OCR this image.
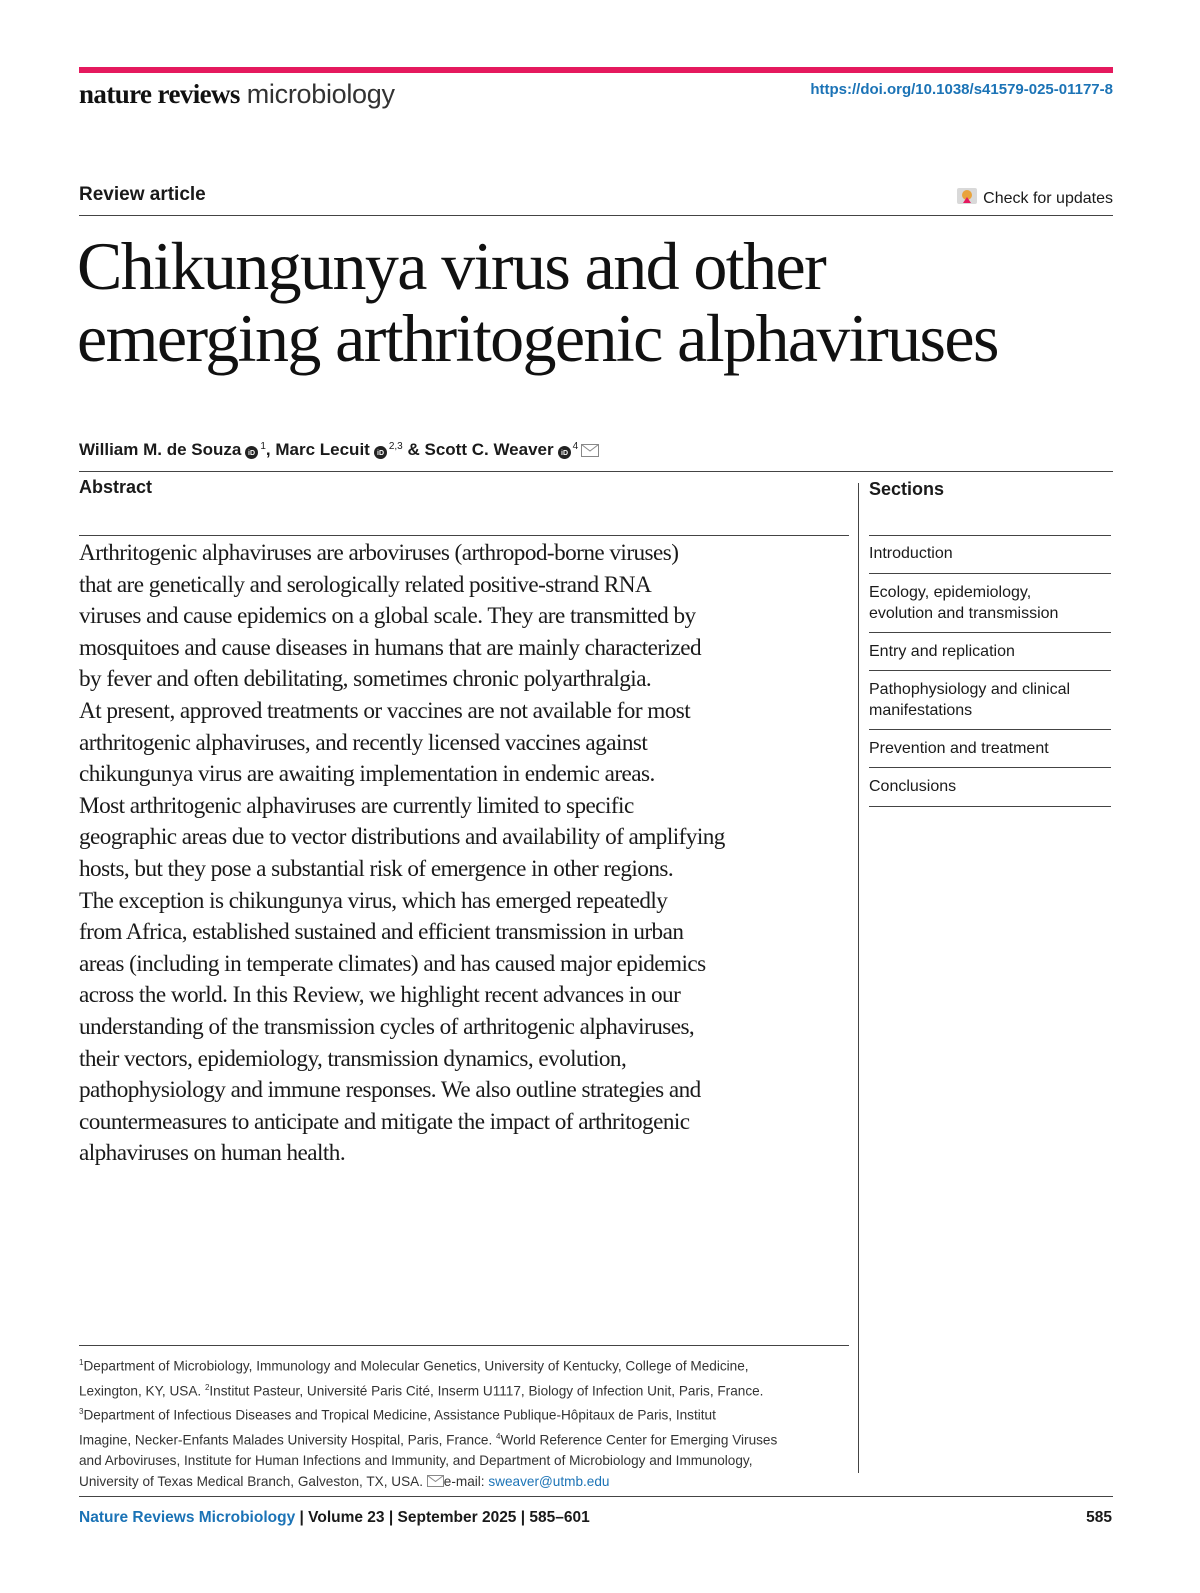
nature reviews microbiology	https://doi.org/10.1038/s41579-025-01177-8
Review article	Check for updates
Chikungunya virus and other
emerging arthritogenic alphaviruses
William M. de Souza iD
$^1$ ,
Marc Lecuit iD
$^{2,3}$
&
Scott C. Weaver iD
$^4$
Abstract
Arthritogenic alphaviruses are arboviruses (arthropod-borne viruses)
that are genetically and serologically related positive-strand RNA
viruses and cause epidemics on a global scale. They are transmitted by
mosquitoes and cause diseases in humans that are mainly characterized
by fever and often debilitating, sometimes chronic polyarthralgia.
At present, approved treatments or vaccines are not available for most
arthritogenic alphaviruses, and recently licensed vaccines against
chikungunya virus are awaiting implementation in endemic areas.
Most arthritogenic alphaviruses are currently limited to specific
geographic areas due to vector distributions and availability of amplifying
hosts, but they pose a substantial risk of emergence in other regions.
The exception is chikungunya virus, which has emerged repeatedly
from Africa, established sustained and efficient transmission in urban
areas (including in temperate climates) and has caused major epidemics
across the world. In this Review, we highlight recent advances in our
understanding of the transmission cycles of arthritogenic alphaviruses,
their vectors, epidemiology, transmission dynamics, evolution,
pathophysiology and immune responses. We also outline strategies and
countermeasures to anticipate and mitigate the impact of arthritogenic
alphaviruses on human health.
Sections
Introduction
Ecology, epidemiology,
evolution and transmission
Entry and replication
Pathophysiology and clinical
manifestations
Prevention and treatment
Conclusions
$^1$Department of Microbiology, Immunology and Molecular Genetics, University of Kentucky, College of Medicine,
Lexington, KY, USA. $^2$Institut Pasteur, Université Paris Cité, Inserm U1117, Biology of Infection Unit, Paris, France.
$^3$Department of Infectious Diseases and Tropical Medicine, Assistance Publique-Hôpitaux de Paris, Institut
Imagine, Necker-Enfants Malades University Hospital, Paris, France. $^4$World Reference Center for Emerging Viruses
and Arboviruses, Institute for Human Infections and Immunity, and Department of Microbiology and Immunology,
University of Texas Medical Branch, Galveston, TX, USA. e-mail: sweaver@utmb.edu
Nature Reviews Microbiology | Volume 23 | September 2025 | 585–601	585
